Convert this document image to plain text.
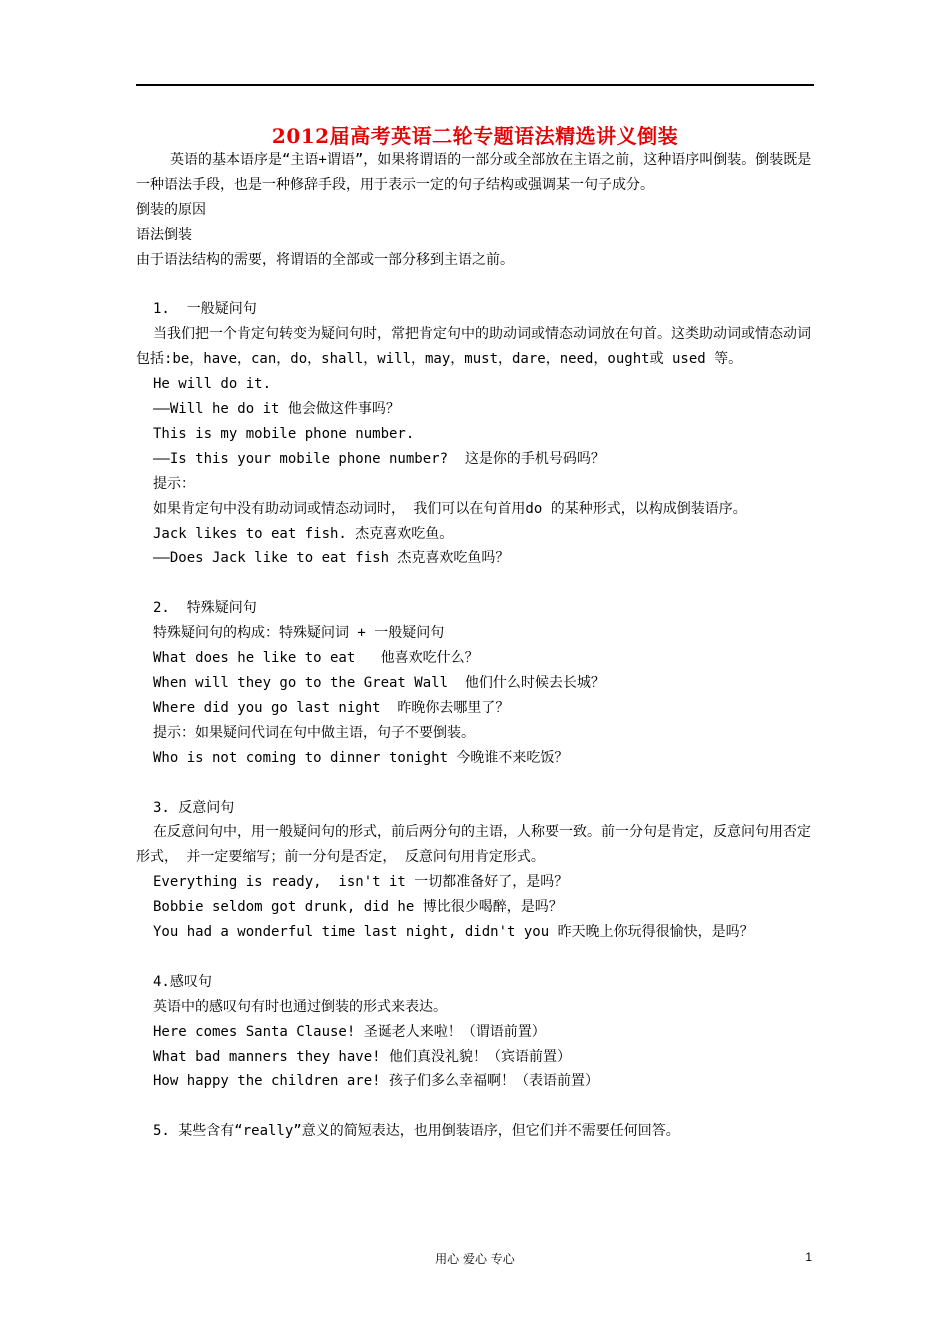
2012届高考英语二轮专题语法精选讲义倒装

英语的基本语序是“主语+谓语”，如果将谓语的一部分或全部放在主语之前，这种语序叫倒装。倒装既是一种语法手段，也是一种修辞手段，用于表示一定的句子结构或强调某一句子成分。

倒装的原因

语法倒装

由于语法结构的需要，将谓语的全部或一部分移到主语之前。

1.  一般疑问句

当我们把一个肯定句转变为疑问句时，常把肯定句中的助动词或情态动词放在句首。这类助动词或情态动词包括:be，have，can，do，shall，will，may，must，dare，need，ought或 used 等。

He will do it.

——Will he do it 他会做这件事吗？

This is my mobile phone number.

——Is this your mobile phone number?  这是你的手机号码吗？

提示：

如果肯定句中没有助动词或情态动词时， 我们可以在句首用do 的某种形式，以构成倒装语序。

Jack likes to eat fish. 杰克喜欢吃鱼。

——Does Jack like to eat fish 杰克喜欢吃鱼吗？

2.  特殊疑问句

特殊疑问句的构成：特殊疑问词 + 一般疑问句

What does he like to eat   他喜欢吃什么？

When will they go to the Great Wall  他们什么时候去长城？

Where did you go last night  昨晚你去哪里了？

提示：如果疑问代词在句中做主语，句子不要倒装。

Who is not coming to dinner tonight 今晚谁不来吃饭？

3. 反意问句

在反意问句中，用一般疑问句的形式，前后两分句的主语，人称要一致。前一分句是肯定，反意问句用否定形式， 并一定要缩写；前一分句是否定， 反意问句用肯定形式。

Everything is ready,  isn't it 一切都准备好了，是吗？

Bobbie seldom got drunk, did he 博比很少喝醉，是吗？

You had a wonderful time last night, didn't you 昨天晚上你玩得很愉快，是吗？

4.感叹句

英语中的感叹句有时也通过倒装的形式来表达。

Here comes Santa Clause! 圣诞老人来啦！（谓语前置）

What bad manners they have! 他们真没礼貌！（宾语前置）

How happy the children are! 孩子们多么幸福啊！（表语前置）

5. 某些含有“really”意义的简短表达，也用倒装语序，但它们并不需要任何回答。

用心 爱心 专心	1
